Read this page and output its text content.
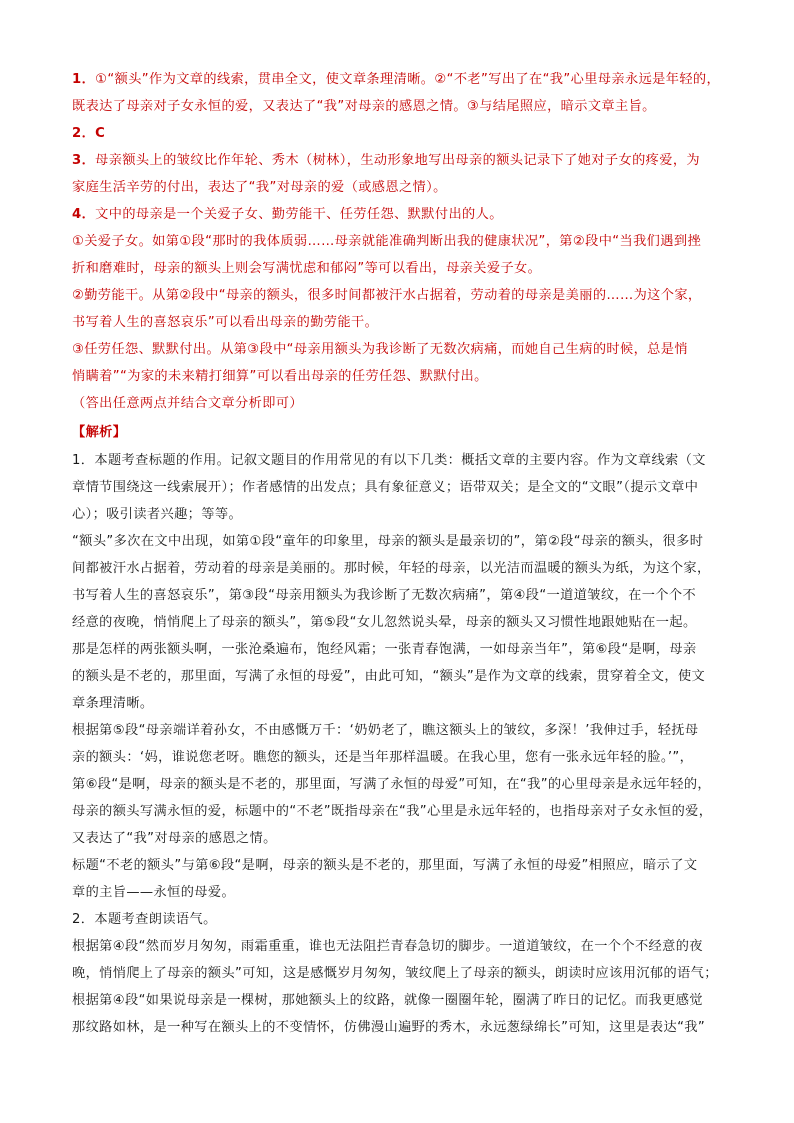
1．①“额头”作为文章的线索，贯串全文，使文章条理清晰。②“不老”写出了在“我”心里母亲永远是年轻的，
既表达了母亲对子女永恒的爱，又表达了“我”对母亲的感恩之情。③与结尾照应，暗示文章主旨。
2．C
3．母亲额头上的皱纹比作年轮、秀木（树林），生动形象地写出母亲的额头记录下了她对子女的疼爱，为
家庭生活辛劳的付出，表达了“我”对母亲的爱（或感恩之情）。
4．文中的母亲是一个关爱子女、勤劳能干、任劳任怨、默默付出的人。
①关爱子女。如第①段“那时的我体质弱……母亲就能准确判断出我的健康状况”，第②段中“当我们遇到挫
折和磨难时，母亲的额头上则会写满忧虑和郁闷”等可以看出，母亲关爱子女。
②勤劳能干。从第②段中“母亲的额头，很多时间都被汗水占据着，劳动着的母亲是美丽的……为这个家，
书写着人生的喜怒哀乐”可以看出母亲的勤劳能干。
③任劳任怨、默默付出。从第③段中“母亲用额头为我诊断了无数次病痛，而她自己生病的时候，总是悄
悄瞒着”“为家的未来精打细算”可以看出母亲的任劳任怨、默默付出。
（答出任意两点并结合文章分析即可）
【解析】
1．本题考查标题的作用。记叙文题目的作用常见的有以下几类：概括文章的主要内容。作为文章线索（文
章情节围绕这一线索展开）；作者感情的出发点；具有象征意义；语带双关；是全文的“文眼”（提示文章中
心）；吸引读者兴趣；等等。
“额头”多次在文中出现，如第①段“童年的印象里，母亲的额头是最亲切的”，第②段“母亲的额头，很多时
间都被汗水占据着，劳动着的母亲是美丽的。那时候，年轻的母亲，以光洁而温暖的额头为纸，为这个家，
书写着人生的喜怒哀乐”，第③段“母亲用额头为我诊断了无数次病痛”，第④段“一道道皱纹，在一个个不
经意的夜晚，悄悄爬上了母亲的额头”，第⑤段“女儿忽然说头晕，母亲的额头又习惯性地跟她贴在一起。
那是怎样的两张额头啊，一张沧桑遍布，饱经风霜；一张青春饱满，一如母亲当年”，第⑥段“是啊，母亲
的额头是不老的，那里面，写满了永恒的母爱”，由此可知，“额头”是作为文章的线索，贯穿着全文，使文
章条理清晰。
根据第⑤段“母亲端详着孙女，不由感慨万千：‘奶奶老了，瞧这额头上的皱纹，多深！’我伸过手，轻抚母
亲的额头：‘妈，谁说您老呀。瞧您的额头，还是当年那样温暖。在我心里，您有一张永远年轻的脸。’”，
第⑥段“是啊，母亲的额头是不老的，那里面，写满了永恒的母爱”可知，在“我”的心里母亲是永远年轻的，
母亲的额头写满永恒的爱，标题中的“不老”既指母亲在“我”心里是永远年轻的，也指母亲对子女永恒的爱，
又表达了“我”对母亲的感恩之情。
标题“不老的额头”与第⑥段“是啊，母亲的额头是不老的，那里面，写满了永恒的母爱”相照应，暗示了文
章的主旨——永恒的母爱。
2．本题考查朗读语气。
根据第④段“然而岁月匆匆，雨霜重重，谁也无法阻拦青春急切的脚步。一道道皱纹，在一个个不经意的夜
晚，悄悄爬上了母亲的额头”可知，这是感慨岁月匆匆，皱纹爬上了母亲的额头，朗读时应该用沉郁的语气；
根据第④段“如果说母亲是一棵树，那她额头上的纹路，就像一圈圈年轮，圈满了昨日的记忆。而我更感觉
那纹路如林，是一种写在额头上的不变情怀，仿佛漫山遍野的秀木，永远葱绿绵长”可知，这里是表达“我”
